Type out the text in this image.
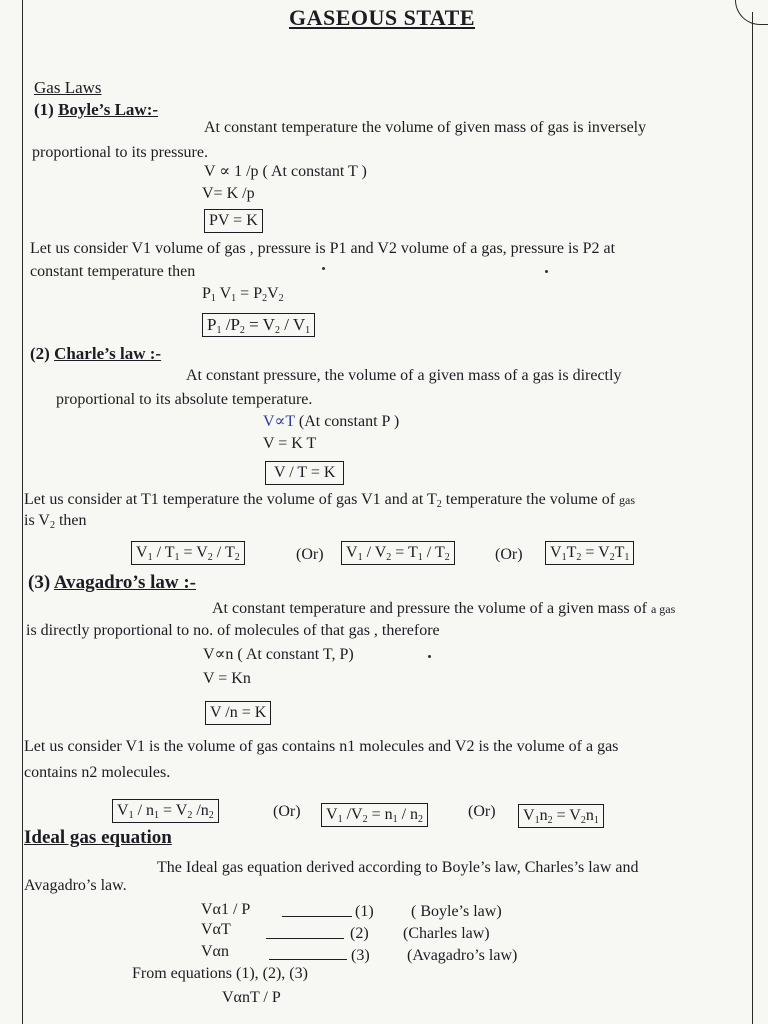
GASEOUS STATE
Gas Laws
(1) Boyle’s Law:-
At constant temperature the volume of given mass of gas is inversely
proportional to its pressure.
V ∝ 1 /p ( At constant T )
V= K /p
PV = K
Let us consider V1 volume of gas , pressure is P1 and V2 volume of a gas, pressure is P2 at
constant temperature then
$P_1$ $V_1 = P_2V_2$
$P_1$ $/P_2 = V_2 / V_1$
(2) Charle’s law :-
At constant pressure, the volume of a given mass of a gas is directly
proportional to its absolute temperature.
V∝T (At constant P )
V = K T
V / T = K
Let us consider at T1 temperature the volume of gas V1 and at $T_2$ temperature the volume of gas
is $V_2$ then
$V_1 / T_1 = V_2 / T_2$	(Or)	$V_1 / V_2 = T_1 / T_2$	(Or)	$V_1T_2 = V_2T_1$
(3) Avagadro’s law :-
At constant temperature and pressure the volume of a given mass of a gas
is directly proportional to no. of molecules of that gas , therefore
V∝n ( At constant T, P)
V = Kn
V /n = K
Let us consider V1 is the volume of gas contains n1 molecules and V2 is the volume of a gas
contains n2 molecules.
$V_1 / n_1 = V_2$ $/n_2$	(Or)	$V_1$ $/V_2 = n_1 / n_2$	(Or)	$V_1n_2 = V_2n_1$
Ideal gas equation
The Ideal gas equation derived according to Boyle’s law, Charles’s law and
Avagadro’s law.
Vα1 / P	(1) ( Boyle’s law)
VαT	(2) (Charles law)
Vαn	(3) (Avagadro’s law)
From equations (1), (2), (3)
VαnT / P
